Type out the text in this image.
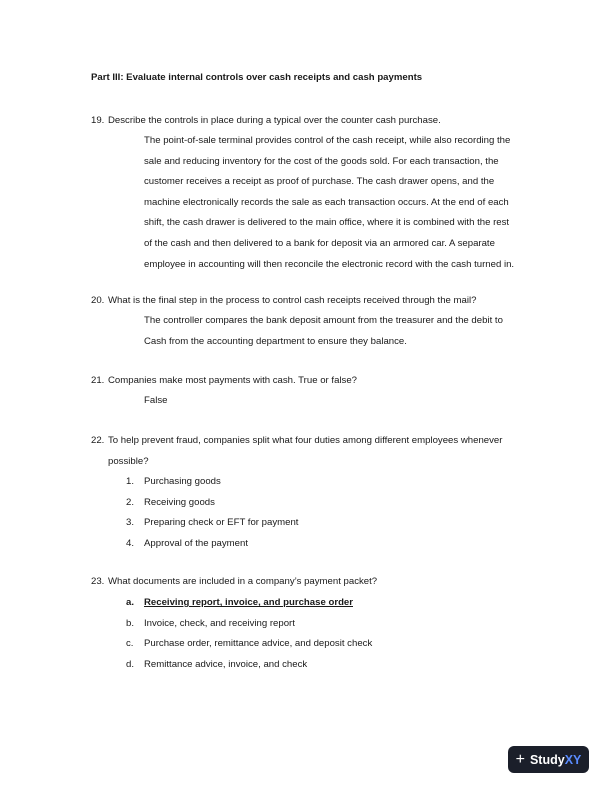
Part III: Evaluate internal controls over cash receipts and cash payments
19. Describe the controls in place during a typical over the counter cash purchase.
The point-of-sale terminal provides control of the cash receipt, while also recording the
sale and reducing inventory for the cost of the goods sold. For each transaction, the
customer receives a receipt as proof of purchase. The cash drawer opens, and the
machine electronically records the sale as each transaction occurs. At the end of each
shift, the cash drawer is delivered to the main office, where it is combined with the rest
of the cash and then delivered to a bank for deposit via an armored car. A separate
employee in accounting will then reconcile the electronic record with the cash turned in.
20. What is the final step in the process to control cash receipts received through the mail?
The controller compares the bank deposit amount from the treasurer and the debit to
Cash from the accounting department to ensure they balance.
21. Companies make most payments with cash. True or false?
False
22. To help prevent fraud, companies split what four duties among different employees whenever
possible?
1. Purchasing goods
2. Receiving goods
3. Preparing check or EFT for payment
4. Approval of the payment
23. What documents are included in a company’s payment packet?
a. Receiving report, invoice, and purchase order
b. Invoice, check, and receiving report
c. Purchase order, remittance advice, and deposit check
d. Remittance advice, invoice, and check
+ Study XY
